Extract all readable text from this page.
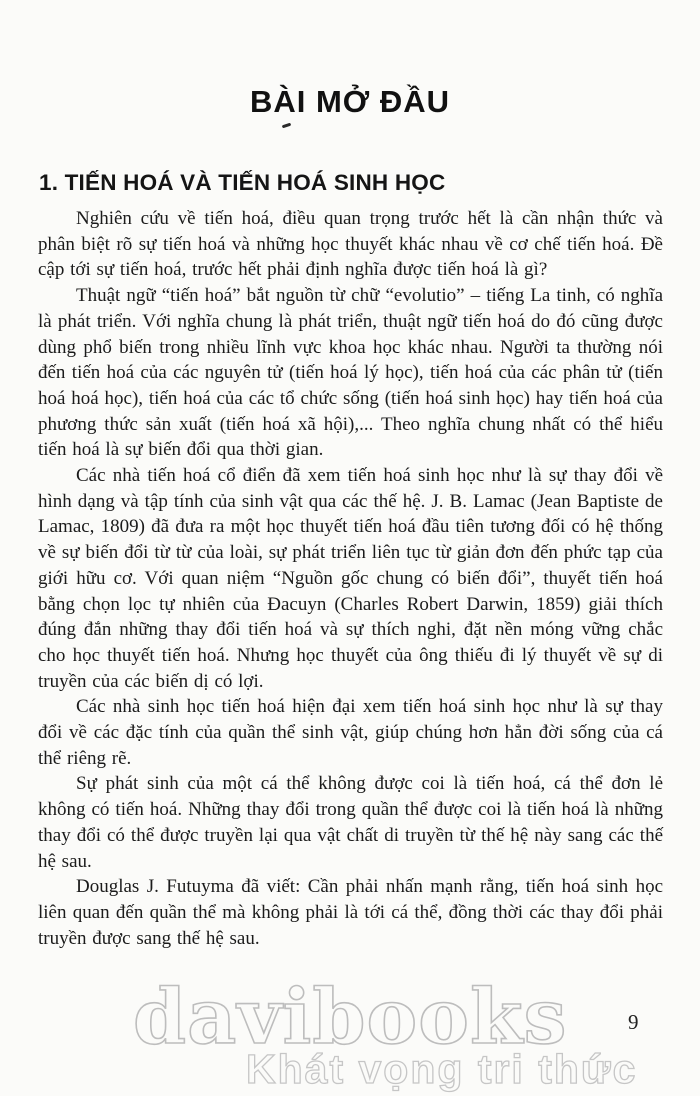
BÀI MỞ ĐẦU
1. TIẾN HOÁ VÀ TIẾN HOÁ SINH HỌC

Nghiên cứu về tiến hoá, điều quan trọng trước hết là cần nhận thức và phân biệt rõ sự tiến hoá và những học thuyết khác nhau về cơ chế tiến hoá. Đề cập tới sự tiến hoá, trước hết phải định nghĩa được tiến hoá là gì?

Thuật ngữ “tiến hoá” bắt nguồn từ chữ “evolutio” – tiếng La tinh, có nghĩa là phát triển. Với nghĩa chung là phát triển, thuật ngữ tiến hoá do đó cũng được dùng phổ biến trong nhiều lĩnh vực khoa học khác nhau. Người ta thường nói đến tiến hoá của các nguyên tử (tiến hoá lý học), tiến hoá của các phân tử (tiến hoá hoá học), tiến hoá của các tổ chức sống (tiến hoá sinh học) hay tiến hoá của phương thức sản xuất (tiến hoá xã hội),... Theo nghĩa chung nhất có thể hiểu tiến hoá là sự biến đổi qua thời gian.

Các nhà tiến hoá cổ điển đã xem tiến hoá sinh học như là sự thay đổi về hình dạng và tập tính của sinh vật qua các thế hệ. J. B. Lamac (Jean Baptiste de Lamac, 1809) đã đưa ra một học thuyết tiến hoá đầu tiên tương đối có hệ thống về sự biến đổi từ từ của loài, sự phát triển liên tục từ giản đơn đến phức tạp của giới hữu cơ. Với quan niệm “Nguồn gốc chung có biến đổi”, thuyết tiến hoá bằng chọn lọc tự nhiên của Đacuyn (Charles Robert Darwin, 1859) giải thích đúng đắn những thay đổi tiến hoá và sự thích nghi, đặt nền móng vững chắc cho học thuyết tiến hoá. Nhưng học thuyết của ông thiếu đi lý thuyết về sự di truyền của các biến dị có lợi.

Các nhà sinh học tiến hoá hiện đại xem tiến hoá sinh học như là sự thay đổi về các đặc tính của quần thể sinh vật, giúp chúng hơn hẳn đời sống của cá thể riêng rẽ.

Sự phát sinh của một cá thể không được coi là tiến hoá, cá thể đơn lẻ không có tiến hoá. Những thay đổi trong quần thể được coi là tiến hoá là những thay đổi có thể được truyền lại qua vật chất di truyền từ thế hệ này sang các thế hệ sau.

Douglas J. Futuyma đã viết: Cần phải nhấn mạnh rằng, tiến hoá sinh học liên quan đến quần thể mà không phải là tới cá thể, đồng thời các thay đổi phải truyền được sang thế hệ sau.

davibooks
Khát vọng tri thức
9
